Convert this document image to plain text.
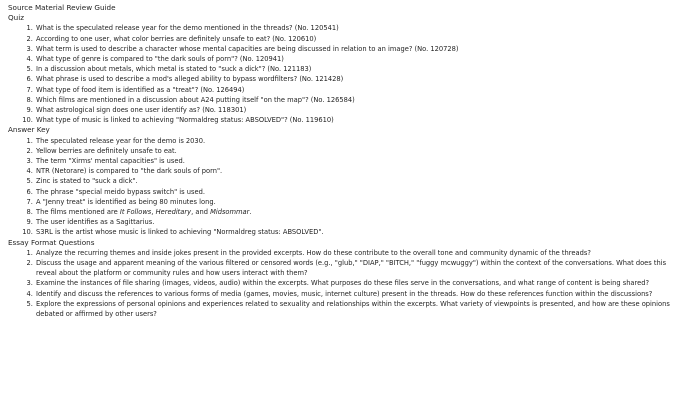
Source Material Review Guide

Quiz

1. What is the speculated release year for the demo mentioned in the threads? (No. 120541)
2. According to one user, what color berries are definitely unsafe to eat? (No. 120610)
3. What term is used to describe a character whose mental capacities are being discussed in relation to an image? (No. 120728)
4. What type of genre is compared to "the dark souls of porn"? (No. 120941)
5. In a discussion about metals, which metal is stated to "suck a dick"? (No. 121183)
6. What phrase is used to describe a mod's alleged ability to bypass wordfilters? (No. 121428)
7. What type of food item is identified as a "treat"? (No. 126494)
8. Which films are mentioned in a discussion about A24 putting itself "on the map"? (No. 126584)
9. What astrological sign does one user identify as? (No. 118301)
10. What type of music is linked to achieving "Normaldreg status: ABSOLVED"? (No. 119610)

Answer Key

1. The speculated release year for the demo is 2030.
2. Yellow berries are definitely unsafe to eat.
3. The term "Xirms' mental capacities" is used.
4. NTR (Netorare) is compared to "the dark souls of porn".
5. Zinc is stated to "suck a dick".
6. The phrase "special meido bypass switch" is used.
7. A "Jenny treat" is identified as being 80 minutes long.
8. The films mentioned are It Follows, Hereditary, and Midsommar.
9. The user identifies as a Sagittarius.
10. S3RL is the artist whose music is linked to achieving "Normaldreg status: ABSOLVED".

Essay Format Questions

1. Analyze the recurring themes and inside jokes present in the provided excerpts. How do these contribute to the overall tone and community dynamic of the threads?
2. Discuss the usage and apparent meaning of the various filtered or censored words (e.g., "glub," "DIAP," "BITCH," "fuggy mcwuggy") within the context of the conversations. What does this reveal about the platform or community rules and how users interact with them?
3. Examine the instances of file sharing (images, videos, audio) within the excerpts. What purposes do these files serve in the conversations, and what range of content is being shared?
4. Identify and discuss the references to various forms of media (games, movies, music, internet culture) present in the threads. How do these references function within the discussions?
5. Explore the expressions of personal opinions and experiences related to sexuality and relationships within the excerpts. What variety of viewpoints is presented, and how are these opinions debated or affirmed by other users?
